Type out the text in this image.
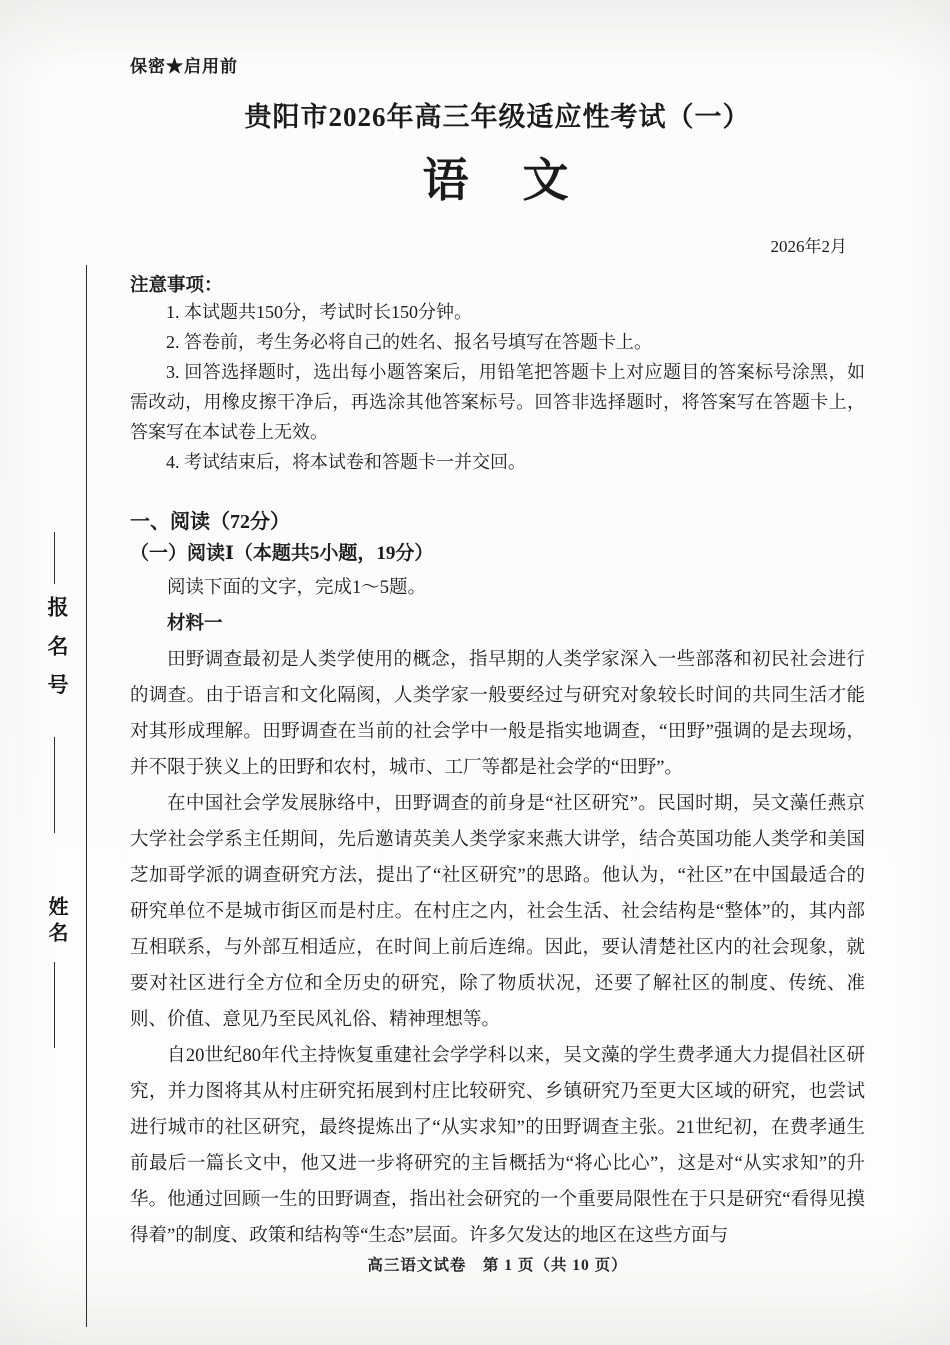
报名号
姓名
保密★启用前
贵阳市2026年高三年级适应性考试（一）
语　文
2026年2月
注意事项：

1. 本试题共150分，考试时长150分钟。

2. 答卷前，考生务必将自己的姓名、报名号填写在答题卡上。

3. 回答选择题时，选出每小题答案后，用铅笔把答题卡上对应题目的答案标号涂黑，如需改动，用橡皮擦干净后，再选涂其他答案标号。回答非选择题时，将答案写在答题卡上，答案写在本试卷上无效。

4. 考试结束后，将本试卷和答题卡一并交回。

一、阅读（72分）
（一）阅读Ⅰ（本题共5小题，19分）

阅读下面的文字，完成1～5题。

材料一

田野调查最初是人类学使用的概念，指早期的人类学家深入一些部落和初民社会进行的调查。由于语言和文化隔阂，人类学家一般要经过与研究对象较长时间的共同生活才能对其形成理解。田野调查在当前的社会学中一般是指实地调查，“田野”强调的是去现场，并不限于狭义上的田野和农村，城市、工厂等都是社会学的“田野”。

在中国社会学发展脉络中，田野调查的前身是“社区研究”。民国时期，吴文藻任燕京大学社会学系主任期间，先后邀请英美人类学家来燕大讲学，结合英国功能人类学和美国芝加哥学派的调查研究方法，提出了“社区研究”的思路。他认为，“社区”在中国最适合的研究单位不是城市街区而是村庄。在村庄之内，社会生活、社会结构是“整体”的，其内部互相联系，与外部互相适应，在时间上前后连绵。因此，要认清楚社区内的社会现象，就要对社区进行全方位和全历史的研究，除了物质状况，还要了解社区的制度、传统、准则、价值、意见乃至民风礼俗、精神理想等。

自20世纪80年代主持恢复重建社会学学科以来，吴文藻的学生费孝通大力提倡社区研究，并力图将其从村庄研究拓展到村庄比较研究、乡镇研究乃至更大区域的研究，也尝试进行城市的社区研究，最终提炼出了“从实求知”的田野调查主张。21世纪初，在费孝通生前最后一篇长文中，他又进一步将研究的主旨概括为“将心比心”，这是对“从实求知”的升华。他通过回顾一生的田野调查，指出社会研究的一个重要局限性在于只是研究“看得见摸得着”的制度、政策和结构等“生态”层面。许多欠发达的地区在这些方面与

高三语文试卷　第 1 页（共 10 页）
